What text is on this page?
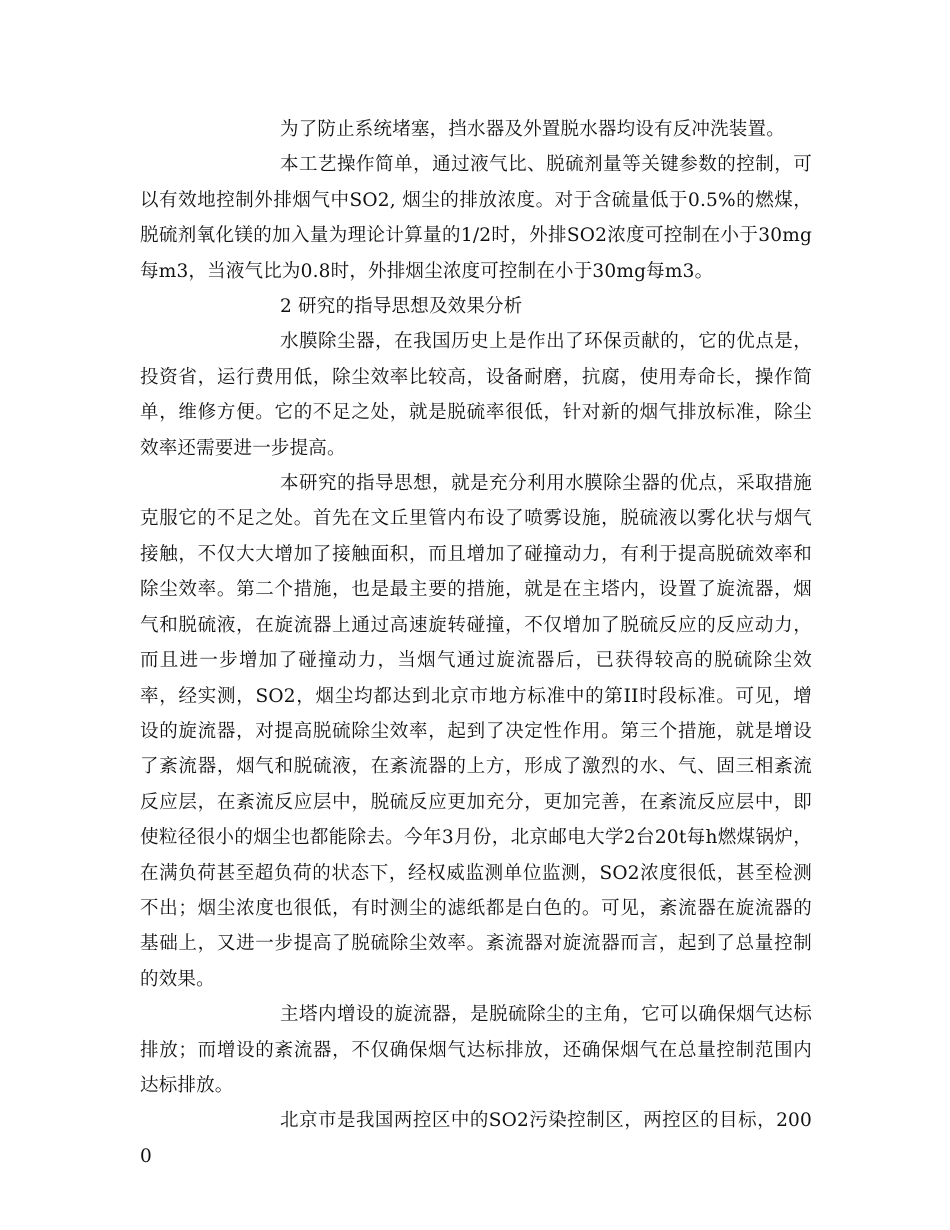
为了防止系统堵塞，挡水器及外置脱水器均设有反冲洗装置。

本工艺操作简单，通过液气比、脱硫剂量等关键参数的控制，可以有效地控制外排烟气中SO2, 烟尘的排放浓度。对于含硫量低于0.5%的燃煤，脱硫剂氧化镁的加入量为理论计算量的1/2时，外排SO2浓度可控制在小于30mg每m3，当液气比为0.8时，外排烟尘浓度可控制在小于30mg每m3。

2 研究的指导思想及效果分析

水膜除尘器，在我国历史上是作出了环保贡献的，它的优点是，投资省，运行费用低，除尘效率比较高，设备耐磨，抗腐，使用寿命长，操作简单，维修方便。它的不足之处，就是脱硫率很低，针对新的烟气排放标准，除尘效率还需要进一步提高。

本研究的指导思想，就是充分利用水膜除尘器的优点，采取措施克服它的不足之处。首先在文丘里管内布设了喷雾设施，脱硫液以雾化状与烟气接触，不仅大大增加了接触面积，而且增加了碰撞动力，有利于提高脱硫效率和除尘效率。第二个措施，也是最主要的措施，就是在主塔内，设置了旋流器，烟气和脱硫液，在旋流器上通过高速旋转碰撞，不仅增加了脱硫反应的反应动力，而且进一步增加了碰撞动力，当烟气通过旋流器后，已获得较高的脱硫除尘效率，经实测，SO2，烟尘均都达到北京市地方标准中的第II时段标准。可见，增设的旋流器，对提高脱硫除尘效率，起到了决定性作用。第三个措施，就是增设了紊流器，烟气和脱硫液，在紊流器的上方，形成了激烈的水、气、固三相紊流反应层，在紊流反应层中，脱硫反应更加充分，更加完善，在紊流反应层中，即使粒径很小的烟尘也都能除去。今年3月份，北京邮电大学2台20t每h燃煤锅炉，在满负荷甚至超负荷的状态下，经权威监测单位监测，SO2浓度很低，甚至检测不出；烟尘浓度也很低，有时测尘的滤纸都是白色的。可见，紊流器在旋流器的基础上，又进一步提高了脱硫除尘效率。紊流器对旋流器而言，起到了总量控制的效果。

主塔内增设的旋流器，是脱硫除尘的主角，它可以确保烟气达标排放；而增设的紊流器，不仅确保烟气达标排放，还确保烟气在总量控制范围内达标排放。

北京市是我国两控区中的SO2污染控制区，两控区的目标，2000
